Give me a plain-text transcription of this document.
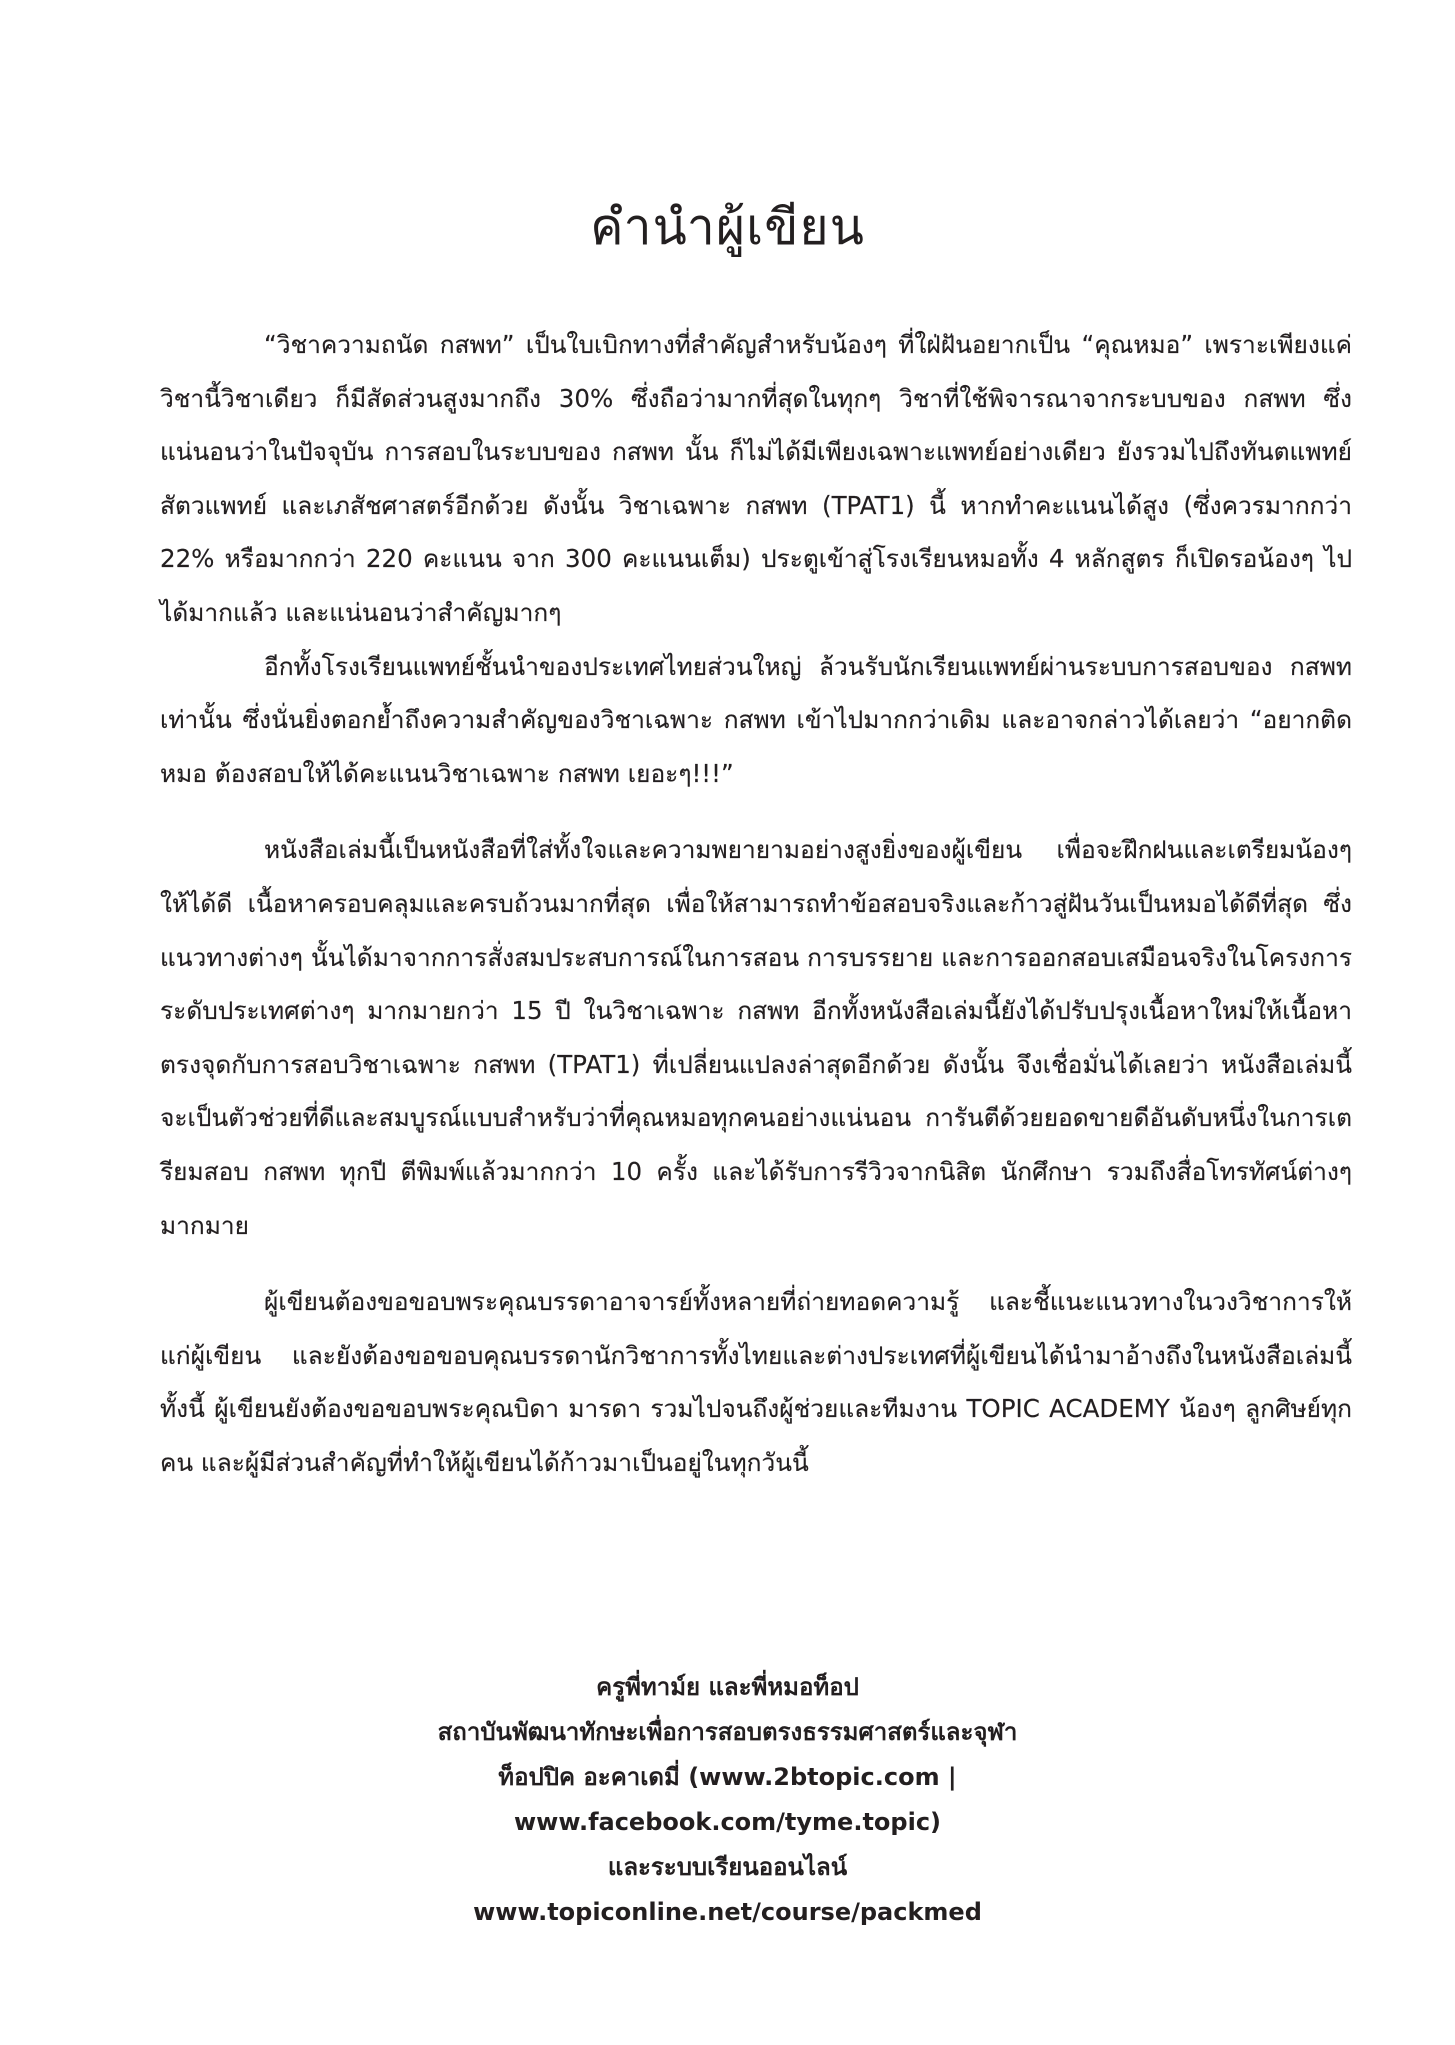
คำนำผู้เขียน

“วิชาความถนัด กสพท” เป็นใบเบิกทางที่สำคัญสำหรับน้องๆ ที่ใฝ่ฝันอยากเป็น “คุณหมอ” เพราะเพียงแค่วิชานี้วิชาเดียว ก็มีสัดส่วนสูงมากถึง 30% ซึ่งถือว่ามากที่สุดในทุกๆ วิชาที่ใช้พิจารณาจากระบบของ กสพท ซึ่งแน่นอนว่าในปัจจุบัน การสอบในระบบของ กสพท นั้น ก็ไม่ได้มีเพียงเฉพาะแพทย์อย่างเดียว ยังรวมไปถึงทันตแพทย์ สัตวแพทย์ และเภสัชศาสตร์อีกด้วย ดังนั้น วิชาเฉพาะ กสพท (TPAT1) นี้ หากทำคะแนนได้สูง (ซึ่งควรมากกว่า 22% หรือมากกว่า 220 คะแนน จาก 300 คะแนนเต็ม) ประตูเข้าสู่โรงเรียนหมอทั้ง 4 หลักสูตร ก็เปิดรอน้องๆ ไปได้มากแล้ว และแน่นอนว่าสำคัญมากๆ

อีกทั้งโรงเรียนแพทย์ชั้นนำของประเทศไทยส่วนใหญ่ ล้วนรับนักเรียนแพทย์ผ่านระบบการสอบของ กสพท เท่านั้น ซึ่งนั่นยิ่งตอกย้ำถึงความสำคัญของวิชาเฉพาะ กสพท เข้าไปมากกว่าเดิม และอาจกล่าวได้เลยว่า “อยากติดหมอ ต้องสอบให้ได้คะแนนวิชาเฉพาะ กสพท เยอะๆ!!!”

หนังสือเล่มนี้เป็นหนังสือที่ใส่ทั้งใจและความพยายามอย่างสูงยิ่งของผู้เขียน เพื่อจะฝึกฝนและเตรียมน้องๆ ให้ได้ดี เนื้อหาครอบคลุมและครบถ้วนมากที่สุด เพื่อให้สามารถทำข้อสอบจริงและก้าวสู่ฝันวันเป็นหมอได้ดีที่สุด ซึ่งแนวทางต่างๆ นั้นได้มาจากการสั่งสมประสบการณ์ในการสอน การบรรยาย และการออกสอบเสมือนจริงในโครงการระดับประเทศต่างๆ มากมายกว่า 15 ปี ในวิชาเฉพาะ กสพท อีกทั้งหนังสือเล่มนี้ยังได้ปรับปรุงเนื้อหาใหม่ให้เนื้อหาตรงจุดกับการสอบวิชาเฉพาะ กสพท (TPAT1) ที่เปลี่ยนแปลงล่าสุดอีกด้วย ดังนั้น จึงเชื่อมั่นได้เลยว่า หนังสือเล่มนี้จะเป็นตัวช่วยที่ดีและสมบูรณ์แบบสำหรับว่าที่คุณหมอทุกคนอย่างแน่นอน การันตีด้วยยอดขายดีอันดับหนึ่งในการเตรียมสอบ กสพท ทุกปี ตีพิมพ์แล้วมากกว่า 10 ครั้ง และได้รับการรีวิวจากนิสิต นักศึกษา รวมถึงสื่อโทรทัศน์ต่างๆ มากมาย

ผู้เขียนต้องขอขอบพระคุณบรรดาอาจารย์ทั้งหลายที่ถ่ายทอดความรู้ และชี้แนะแนวทางในวงวิชาการให้แก่ผู้เขียน และยังต้องขอขอบคุณบรรดานักวิชาการทั้งไทยและต่างประเทศที่ผู้เขียนได้นำมาอ้างถึงในหนังสือเล่มนี้ ทั้งนี้ ผู้เขียนยังต้องขอขอบพระคุณบิดา มารดา รวมไปจนถึงผู้ช่วยและทีมงาน TOPIC ACADEMY น้องๆ ลูกศิษย์ทุกคน และผู้มีส่วนสำคัญที่ทำให้ผู้เขียนได้ก้าวมาเป็นอยู่ในทุกวันนี้

ครูพี่ทาม์ย และพี่หมอท็อป
สถาบันพัฒนาทักษะเพื่อการสอบตรงธรรมศาสตร์และจุฬา
ท็อปปิค อะคาเดมี่ (www.2btopic.com | www.facebook.com/tyme.topic)
และระบบเรียนออนไลน์ www.topiconline.net/course/packmed
